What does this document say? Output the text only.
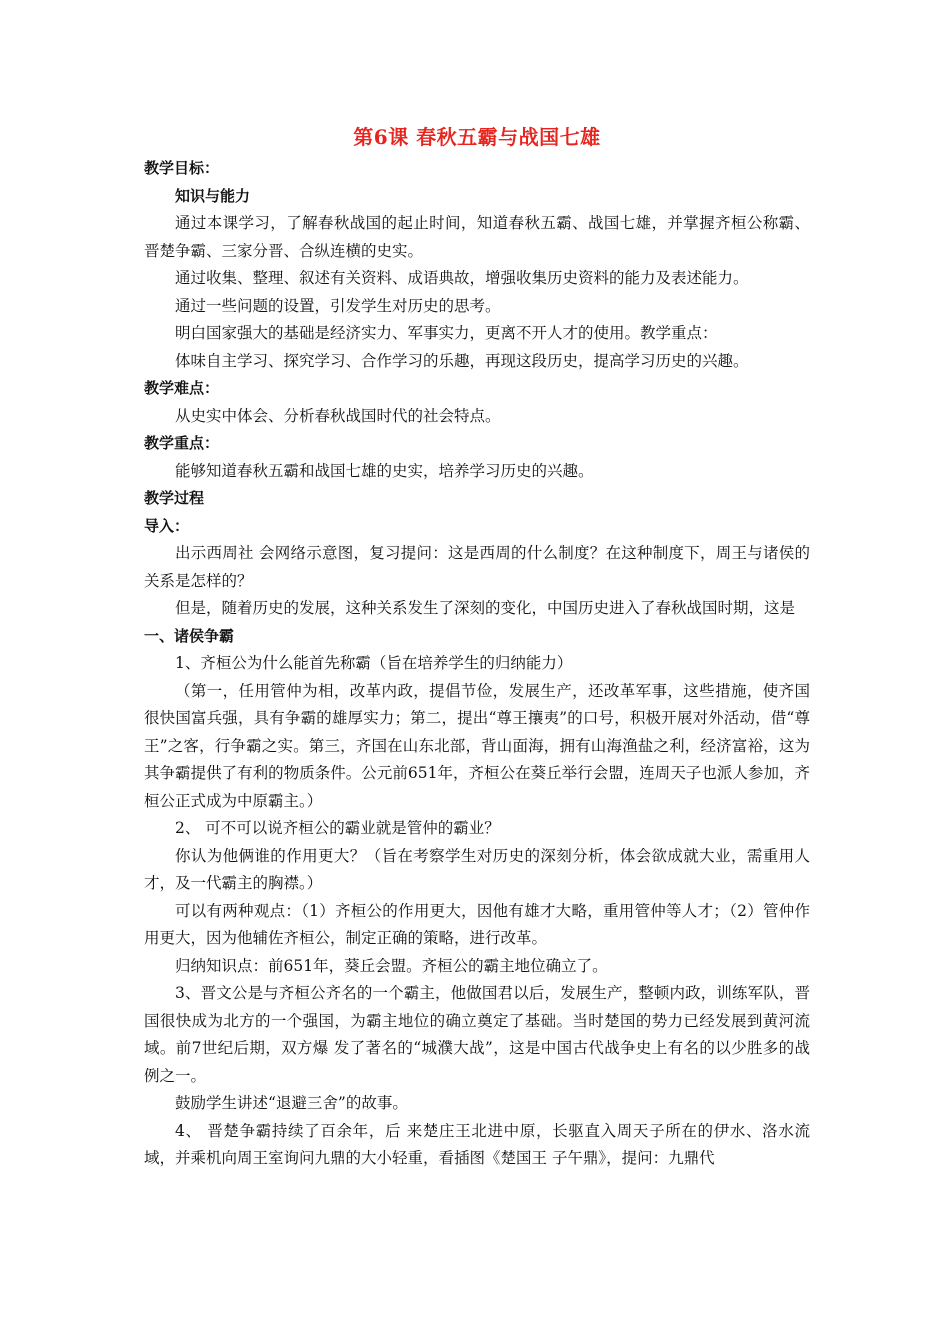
第6课 春秋五霸与战国七雄

教学目标：

知识与能力

通过本课学习，了解春秋战国的起止时间，知道春秋五霸、战国七雄，并掌握齐桓公称霸、晋楚争霸、三家分晋、合纵连横的史实。

通过收集、整理、叙述有关资料、成语典故，增强收集历史资料的能力及表述能力。

通过一些问题的设置，引发学生对历史的思考。

明白国家强大的基础是经济实力、军事实力，更离不开人才的使用。教学重点：

体味自主学习、探究学习、合作学习的乐趣，再现这段历史，提高学习历史的兴趣。

教学难点：

从史实中体会、分析春秋战国时代的社会特点。

教学重点：

能够知道春秋五霸和战国七雄的史实，培养学习历史的兴趣。

教学过程

导入：

出示西周社 会网络示意图，复习提问：这是西周的什么制度？在这种制度下，周王与诸侯的关系是怎样的？

但是，随着历史的发展，这种关系发生了深刻的变化，中国历史进入了春秋战国时期，这是

一、诸侯争霸

1、齐桓公为什么能首先称霸（旨在培养学生的归纳能力）

（第一，任用管仲为相，改革内政，提倡节俭，发展生产，还改革军事，这些措施，使齐国很快国富兵强，具有争霸的雄厚实力；第二，提出“尊王攘夷”的口号，积极开展对外活动，借“尊王”之客，行争霸之实。第三，齐国在山东北部，背山面海，拥有山海渔盐之利，经济富裕，这为其争霸提供了有利的物质条件。公元前651年，齐桓公在葵丘举行会盟，连周天子也派人参加，齐桓公正式成为中原霸主。）

2、 可不可以说齐桓公的霸业就是管仲的霸业？

你认为他俩谁的作用更大？（旨在考察学生对历史的深刻分析，体会欲成就大业，需重用人才，及一代霸主的胸襟。）

可以有两种观点：（1）齐桓公的作用更大，因他有雄才大略，重用管仲等人才；（2）管仲作用更大，因为他辅佐齐桓公，制定正确的策略，进行改革。

归纳知识点：前651年，葵丘会盟。齐桓公的霸主地位确立了。

3、晋文公是与齐桓公齐名的一个霸主，他做国君以后，发展生产，整顿内政，训练军队，晋国很快成为北方的一个强国，为霸主地位的确立奠定了基础。当时楚国的势力已经发展到黄河流域。前7世纪后期，双方爆 发了著名的“城濮大战”，这是中国古代战争史上有名的以少胜多的战例之一。

鼓励学生讲述“退避三舍”的故事。

4、 晋楚争霸持续了百余年，后 来楚庄王北进中原，长驱直入周天子所在的伊水、洛水流域，并乘机向周王室询问九鼎的大小轻重，看插图《楚国王 子午鼎》，提问：九鼎代
